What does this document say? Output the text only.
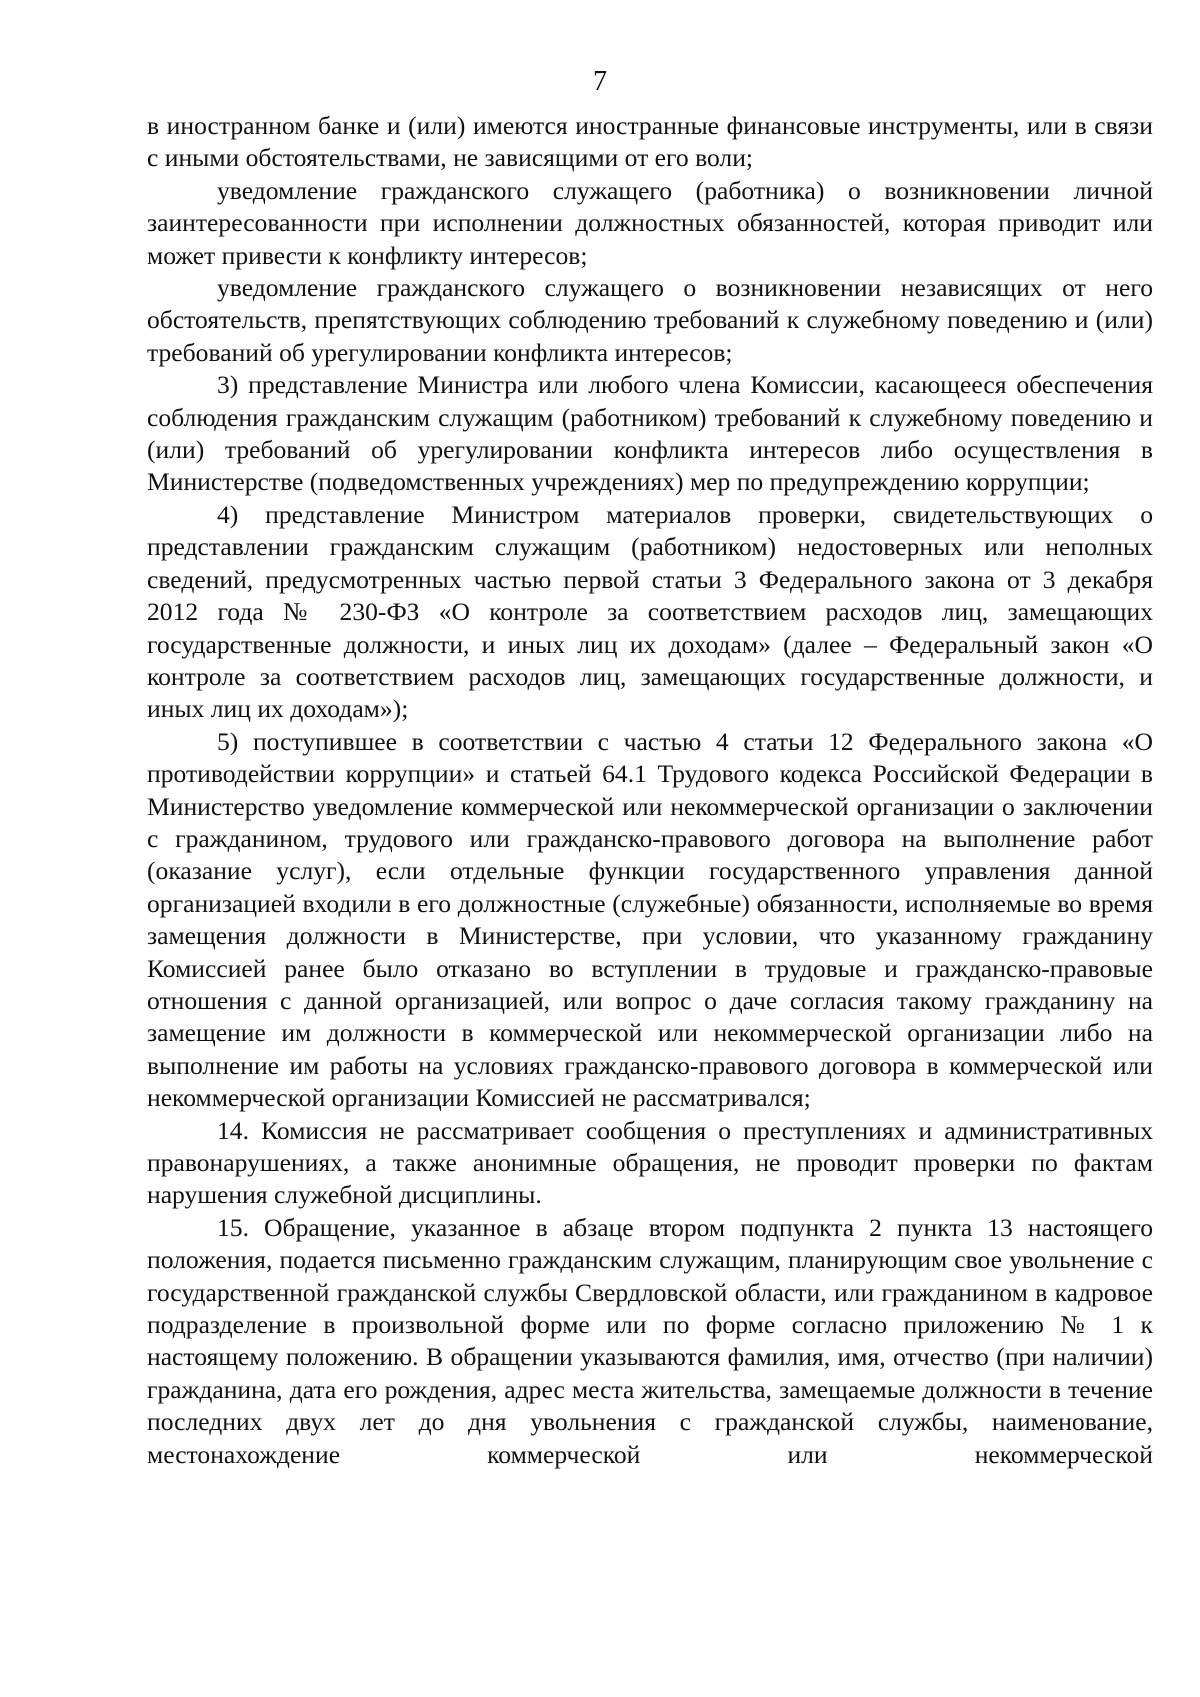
7

в иностранном банке и (или) имеются иностранные финансовые инструменты, или в связи с иными обстоятельствами, не зависящими от его воли;

уведомление гражданского служащего (работника) о возникновении личной заинтересованности при исполнении должностных обязанностей, которая приводит или может привести к конфликту интересов;

уведомление гражданского служащего о возникновении независящих от него обстоятельств, препятствующих соблюдению требований к служебному поведению и (или) требований об урегулировании конфликта интересов;

3) представление Министра или любого члена Комиссии, касающееся обеспечения соблюдения гражданским служащим (работником) требований к служебному поведению и (или) требований об урегулировании конфликта интересов либо осуществления в Министерстве (подведомственных учреждениях) мер по предупреждению коррупции;

4) представление Министром материалов проверки, свидетельствующих о представлении гражданским служащим (работником) недостоверных или неполных сведений, предусмотренных частью первой статьи 3 Федерального закона от 3 декабря 2012 года № 230-ФЗ «О контроле за соответствием расходов лиц, замещающих государственные должности, и иных лиц их доходам» (далее – Федеральный закон «О контроле за соответствием расходов лиц, замещающих государственные должности, и иных лиц их доходам»);

5) поступившее в соответствии с частью 4 статьи 12 Федерального закона «О противодействии коррупции» и статьей 64.1 Трудового кодекса Российской Федерации в Министерство уведомление коммерческой или некоммерческой организации о заключении с гражданином, трудового или гражданско-правового договора на выполнение работ (оказание услуг), если отдельные функции государственного управления данной организацией входили в его должностные (служебные) обязанности, исполняемые во время замещения должности в Министерстве, при условии, что указанному гражданину Комиссией ранее было отказано во вступлении в трудовые и гражданско-правовые отношения с данной организацией, или вопрос о даче согласия такому гражданину на замещение им должности в коммерческой или некоммерческой организации либо на выполнение им работы на условиях гражданско-правового договора в коммерческой или некоммерческой организации Комиссией не рассматривался;

14. Комиссия не рассматривает сообщения о преступлениях и административных правонарушениях, а также анонимные обращения, не проводит проверки по фактам нарушения служебной дисциплины.

15. Обращение, указанное в абзаце втором подпункта 2 пункта 13 настоящего положения, подается письменно гражданским служащим, планирующим свое увольнение с государственной гражданской службы Свердловской области, или гражданином в кадровое подразделение в произвольной форме или по форме согласно приложению № 1 к настоящему положению. В обращении указываются фамилия, имя, отчество (при наличии) гражданина, дата его рождения, адрес места жительства, замещаемые должности в течение последних двух лет до дня увольнения с гражданской службы, наименование, местонахождение коммерческой или некоммерческой
